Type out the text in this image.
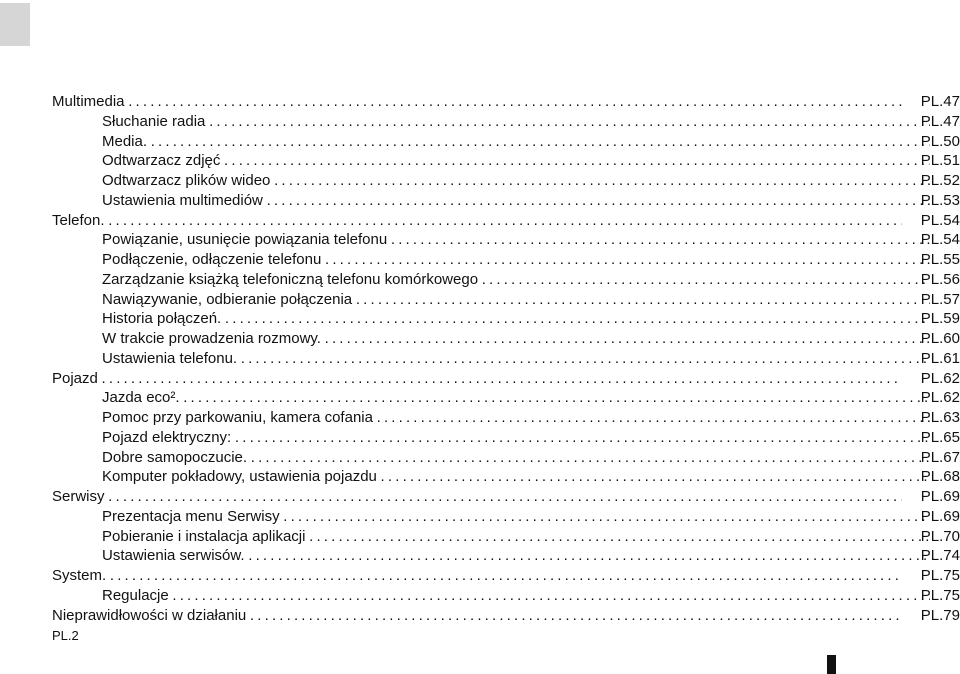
Multimedia . . .	PL.47
Słuchanie radia . . .	PL.47
Media. . . .	PL.50
Odtwarzacz zdjęć . . .	PL.51
Odtwarzacz plików wideo . . .	PL.52
Ustawienia multimediów . . .	PL.53
Telefon. . . .	PL.54
Powiązanie, usunięcie powiązania telefonu . . .	PL.54
Podłączenie, odłączenie telefonu . . .	PL.55
Zarządzanie książką telefoniczną telefonu komórkowego . . .	PL.56
Nawiązywanie, odbieranie połączenia . . .	PL.57
Historia połączeń. . . .	PL.59
W trakcie prowadzenia rozmowy. . . .	PL.60
Ustawienia telefonu. . . .	PL.61
Pojazd . . .	PL.62
Jazda eco². . . .	PL.62
Pomoc przy parkowaniu, kamera cofania . . .	PL.63
Pojazd elektryczny: . . .	PL.65
Dobre samopoczucie. . . .	PL.67
Komputer pokładowy, ustawienia pojazdu . . .	PL.68
Serwisy . . .	PL.69
Prezentacja menu Serwisy . . .	PL.69
Pobieranie i instalacja aplikacji . . .	PL.70
Ustawienia serwisów. . . .	PL.74
System. . . .	PL.75
Regulacje . . .	PL.75
Nieprawidłowości w działaniu . . .	PL.79
PL.2
